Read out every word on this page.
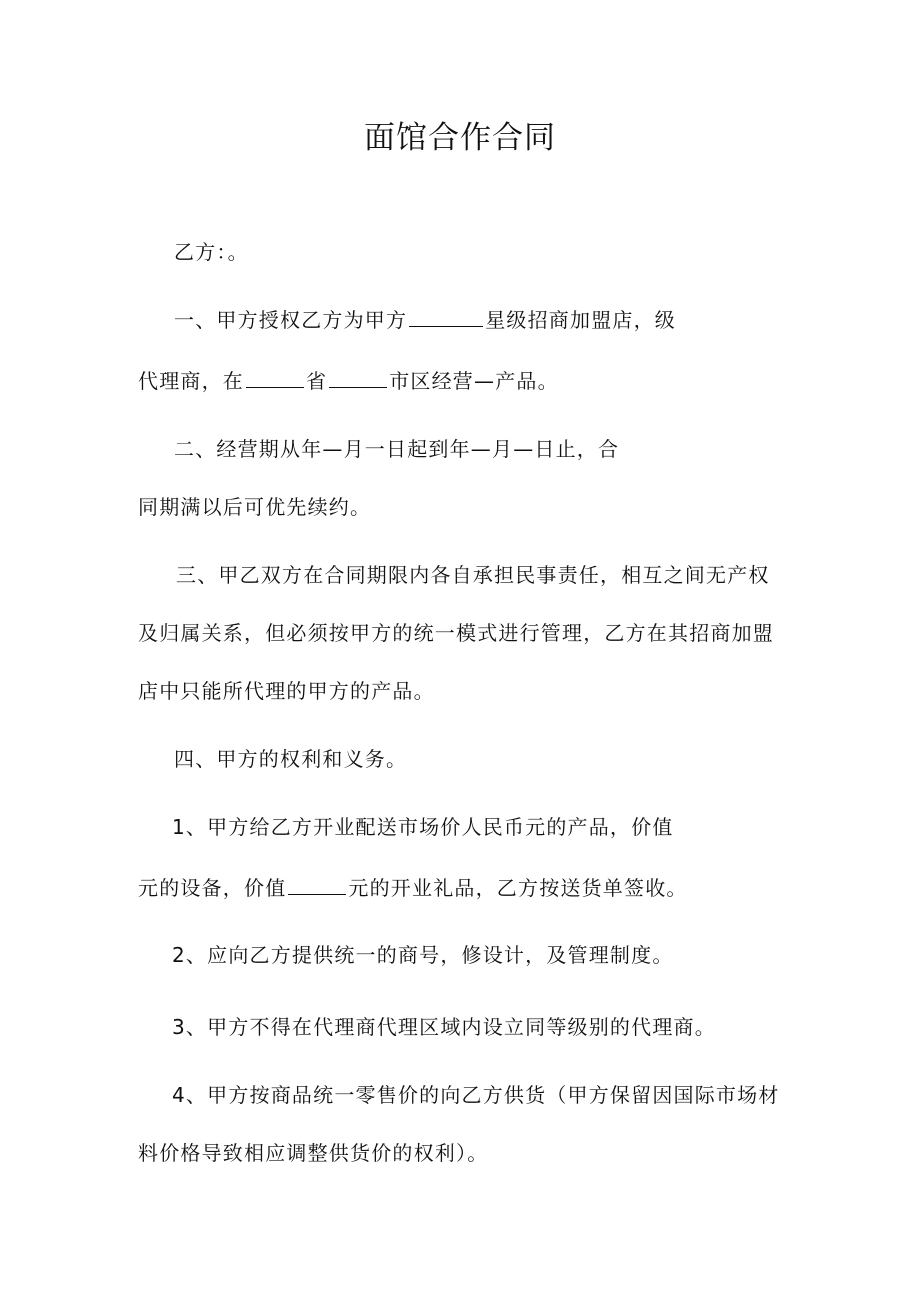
面馆合作合同
乙方：。
一、甲方授权乙方为甲方	星级招商加盟店，级
代理商，在	省	市区经营—产品。
二、经营期从年—月一日起到年—月—日止，合
同期满以后可优先续约。
三、甲乙双方在合同期限内各自承担民事责任，相互之间无产权
及归属关系，但必须按甲方的统一模式进行管理，乙方在其招商加盟
店中只能所代理的甲方的产品。
四、甲方的权利和义务。
1、甲方给乙方开业配送市场价人民币元的产品，价值
元的设备，价值	元的开业礼品，乙方按送货单签收。
2、应向乙方提供统一的商号，修设计，及管理制度。
3、甲方不得在代理商代理区域内设立同等级别的代理商。
4、甲方按商品统一零售价的向乙方供货（甲方保留因国际市场材
料价格导致相应调整供货价的权利）。
